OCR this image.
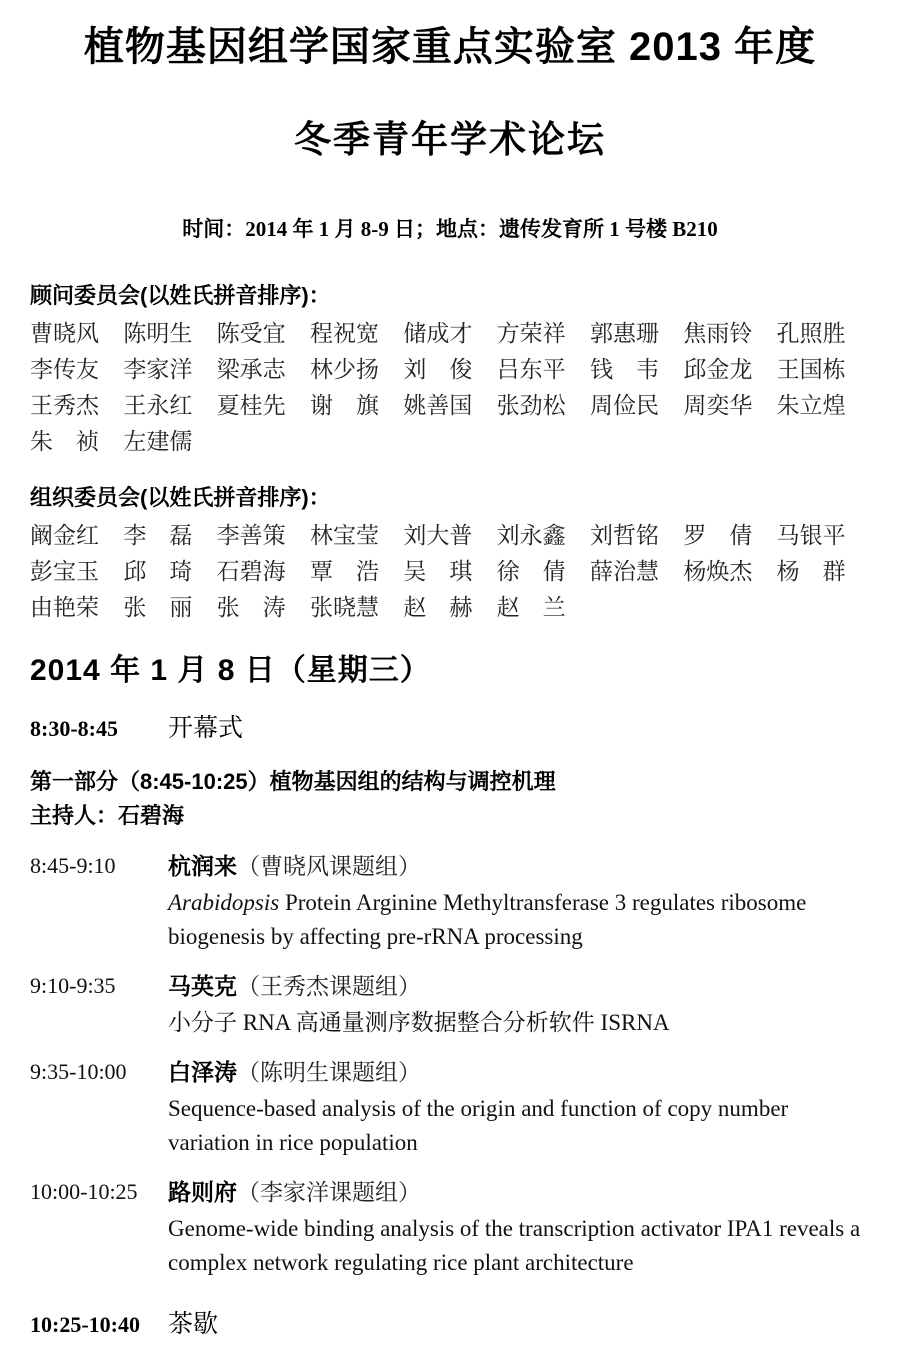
植物基因组学国家重点实验室 2013 年度
冬季青年学术论坛
时间：2014 年 1 月 8-9 日；地点：遗传发育所 1 号楼 B210
顾问委员会(以姓氏拼音排序)：
曹晓风	陈明生	陈受宜	程祝宽	储成才	方荣祥	郭惠珊	焦雨铃	孔照胜
李传友	李家洋	梁承志	林少扬	刘　俊	吕东平	钱　韦	邱金龙	王国栋
王秀杰	王永红	夏桂先	谢　旗	姚善国	张劲松	周俭民	周奕华	朱立煌
朱　祯	左建儒
组织委员会(以姓氏拼音排序)：
阚金红	李　磊	李善策	林宝莹	刘大普	刘永鑫	刘哲铭	罗　倩	马银平
彭宝玉	邱　琦	石碧海	覃　浩	吴　琪	徐　倩	薛治慧	杨焕杰	杨　群
由艳荣	张　丽	张　涛	张晓慧	赵　赫	赵　兰
2014 年 1 月 8 日（星期三）
8:30-8:45	开幕式
第一部分（8:45-10:25）植物基因组的结构与调控机理
主持人：石碧海
8:45-9:10	杭润来（曹晓风课题组）
Arabidopsis Protein Arginine Methyltransferase 3 regulates ribosome biogenesis by affecting pre-rRNA processing
9:10-9:35	马英克（王秀杰课题组）
小分子 RNA 高通量测序数据整合分析软件 ISRNA
9:35-10:00	白泽涛（陈明生课题组）
Sequence-based analysis of the origin and function of copy number variation in rice population
10:00-10:25	路则府（李家洋课题组）
Genome-wide binding analysis of the transcription activator IPA1 reveals a complex network regulating rice plant architecture
10:25-10:40	茶歇
